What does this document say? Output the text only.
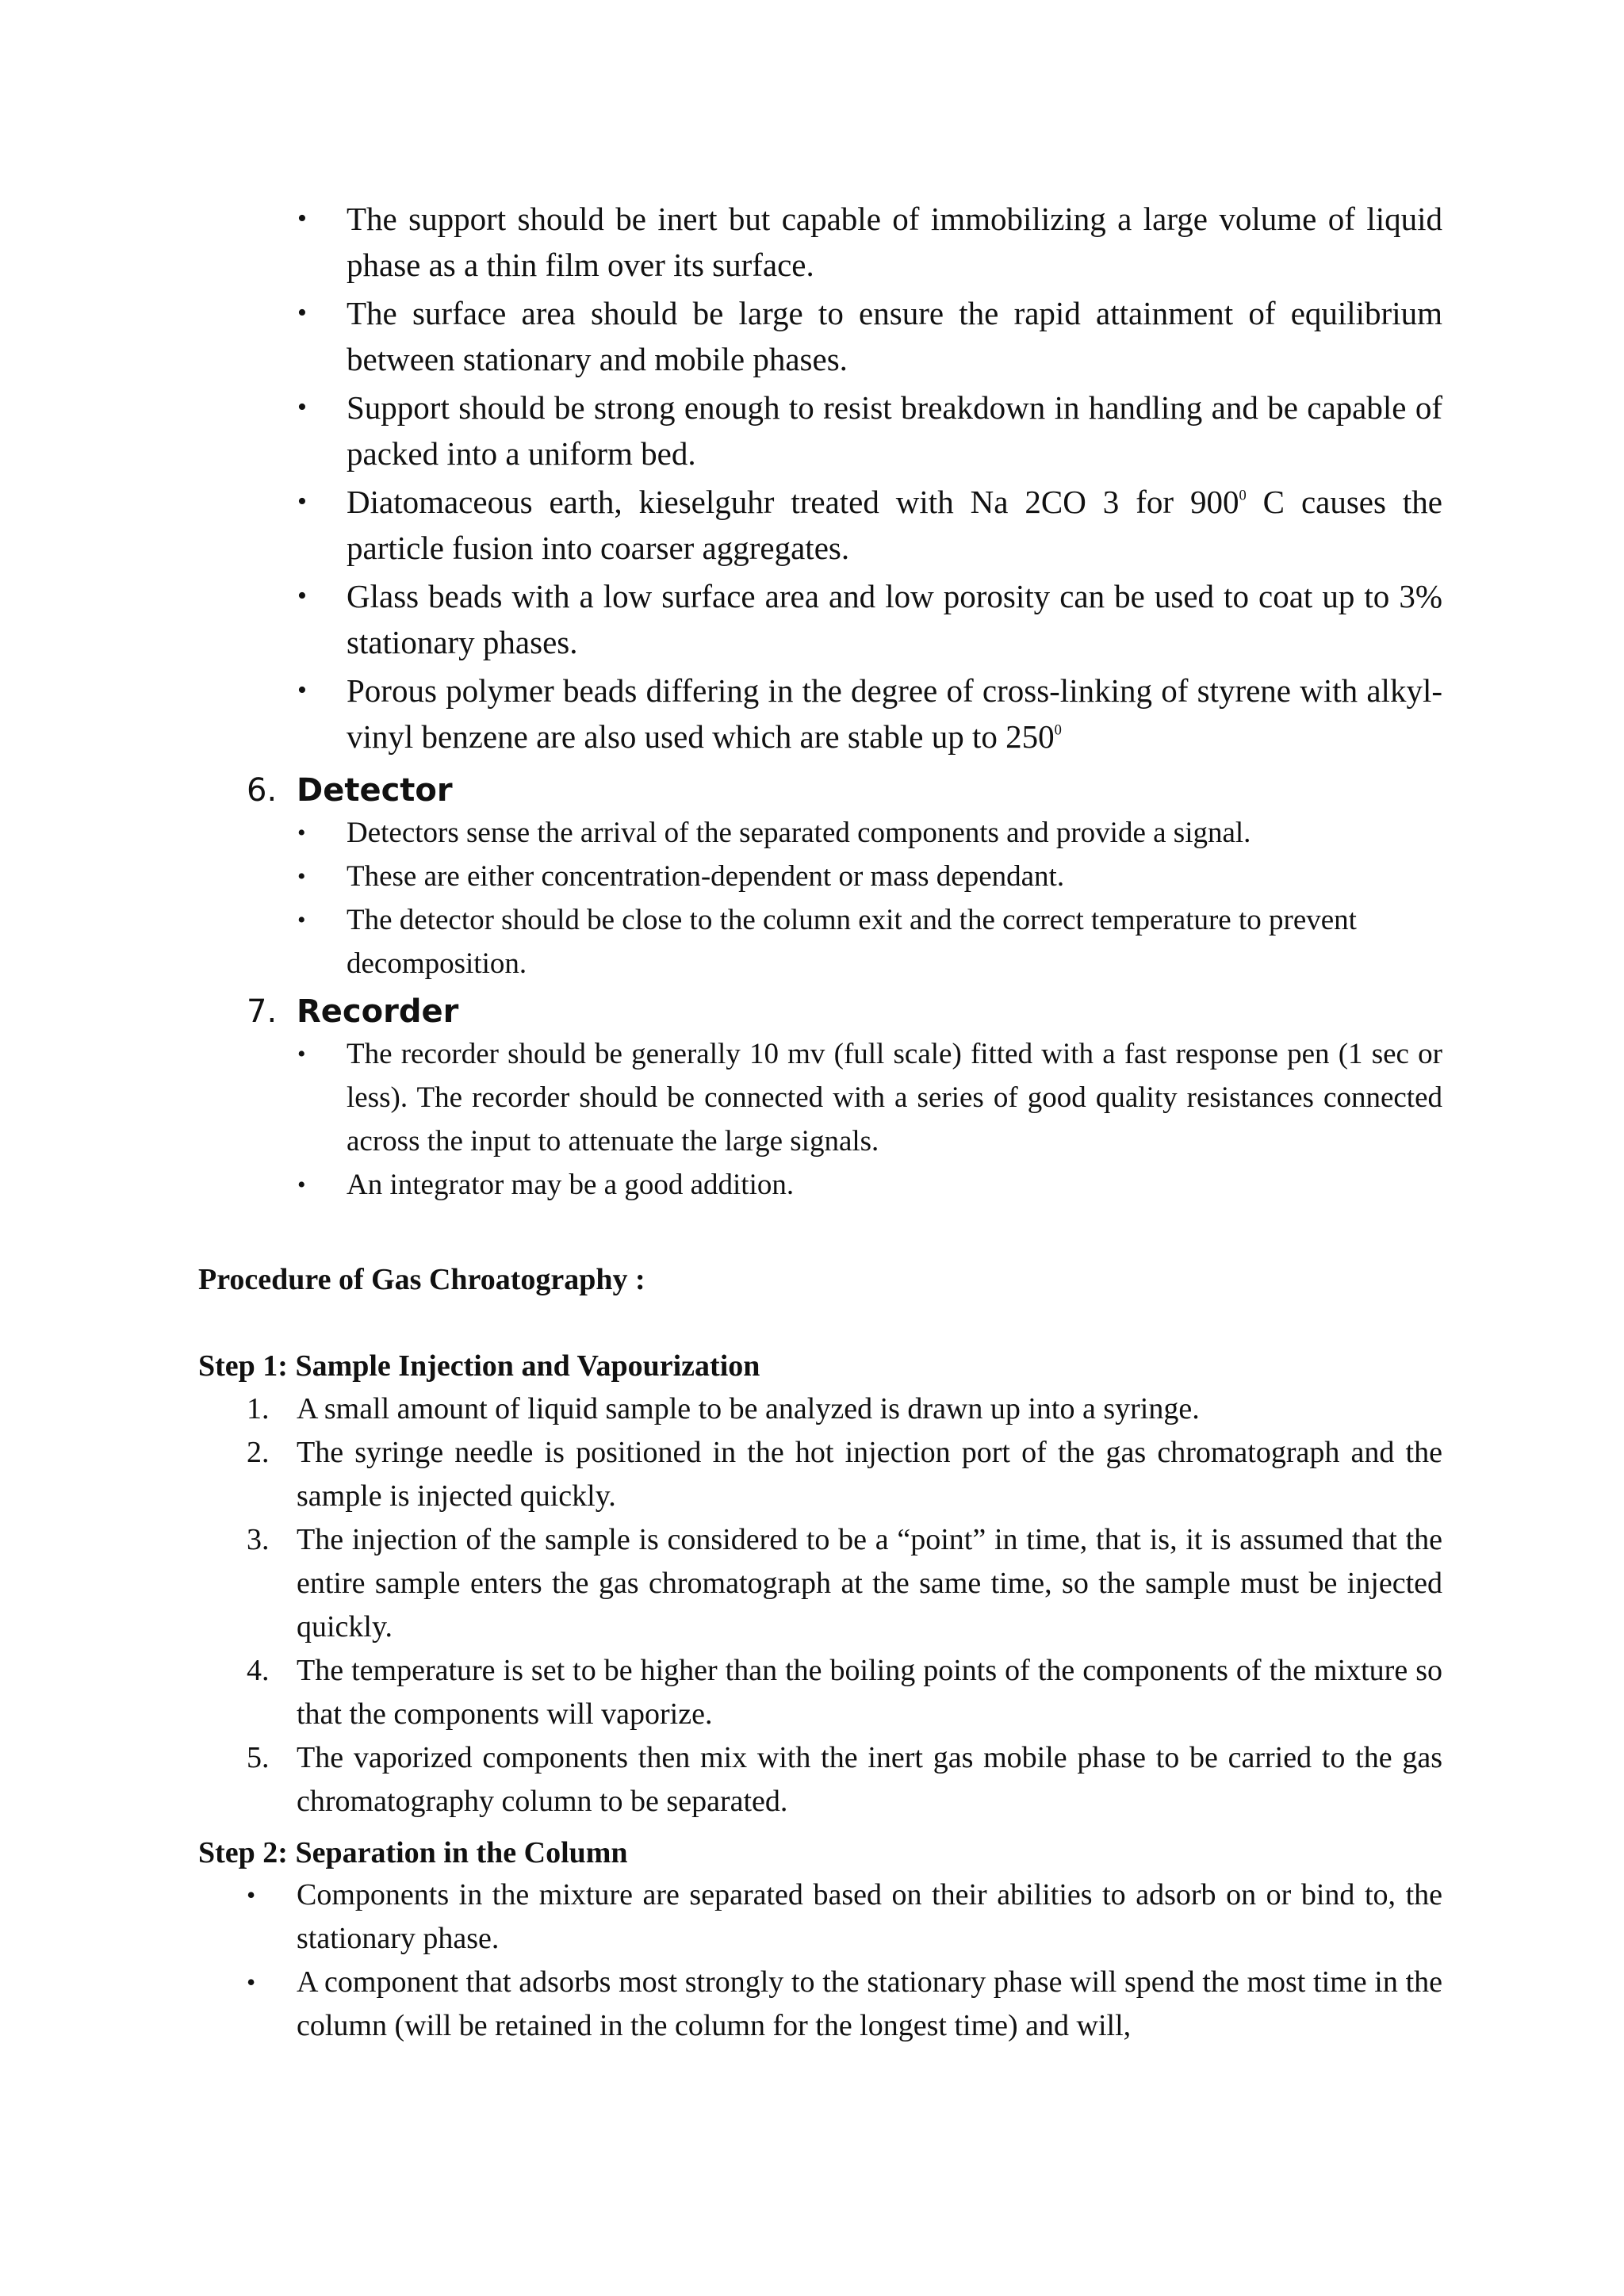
• The support should be inert but capable of immobilizing a large volume of liquid phase as a thin film over its surface.
• The surface area should be large to ensure the rapid attainment of equilibrium between stationary and mobile phases.
• Support should be strong enough to resist breakdown in handling and be capable of packed into a uniform bed.
• Diatomaceous earth, kieselguhr treated with Na 2CO 3 for $900^0$ C causes the particle fusion into coarser aggregates.
• Glass beads with a low surface area and low porosity can be used to coat up to 3% stationary phases.
• Porous polymer beads differing in the degree of cross-linking of styrene with alkyl-vinyl benzene are also used which are stable up to $250^0$
6. Detector
• Detectors sense the arrival of the separated components and provide a signal.
• These are either concentration-dependent or mass dependant.
• The detector should be close to the column exit and the correct temperature to prevent decomposition.
7. Recorder
• The recorder should be generally 10 mv (full scale) fitted with a fast response pen (1 sec or less). The recorder should be connected with a series of good quality resistances connected across the input to attenuate the large signals.
• An integrator may be a good addition.
Procedure of Gas Chroatography :
Step 1: Sample Injection and Vapourization
1. A small amount of liquid sample to be analyzed is drawn up into a syringe.
2. The syringe needle is positioned in the hot injection port of the gas chromatograph and the sample is injected quickly.
3. The injection of the sample is considered to be a “point” in time, that is, it is assumed that the entire sample enters the gas chromatograph at the same time, so the sample must be injected quickly.
4. The temperature is set to be higher than the boiling points of the components of the mixture so that the components will vaporize.
5. The vaporized components then mix with the inert gas mobile phase to be carried to the gas chromatography column to be separated.
Step 2: Separation in the Column
• Components in the mixture are separated based on their abilities to adsorb on or bind to, the stationary phase.
• A component that adsorbs most strongly to the stationary phase will spend the most time in the column (will be retained in the column for the longest time) and will,
